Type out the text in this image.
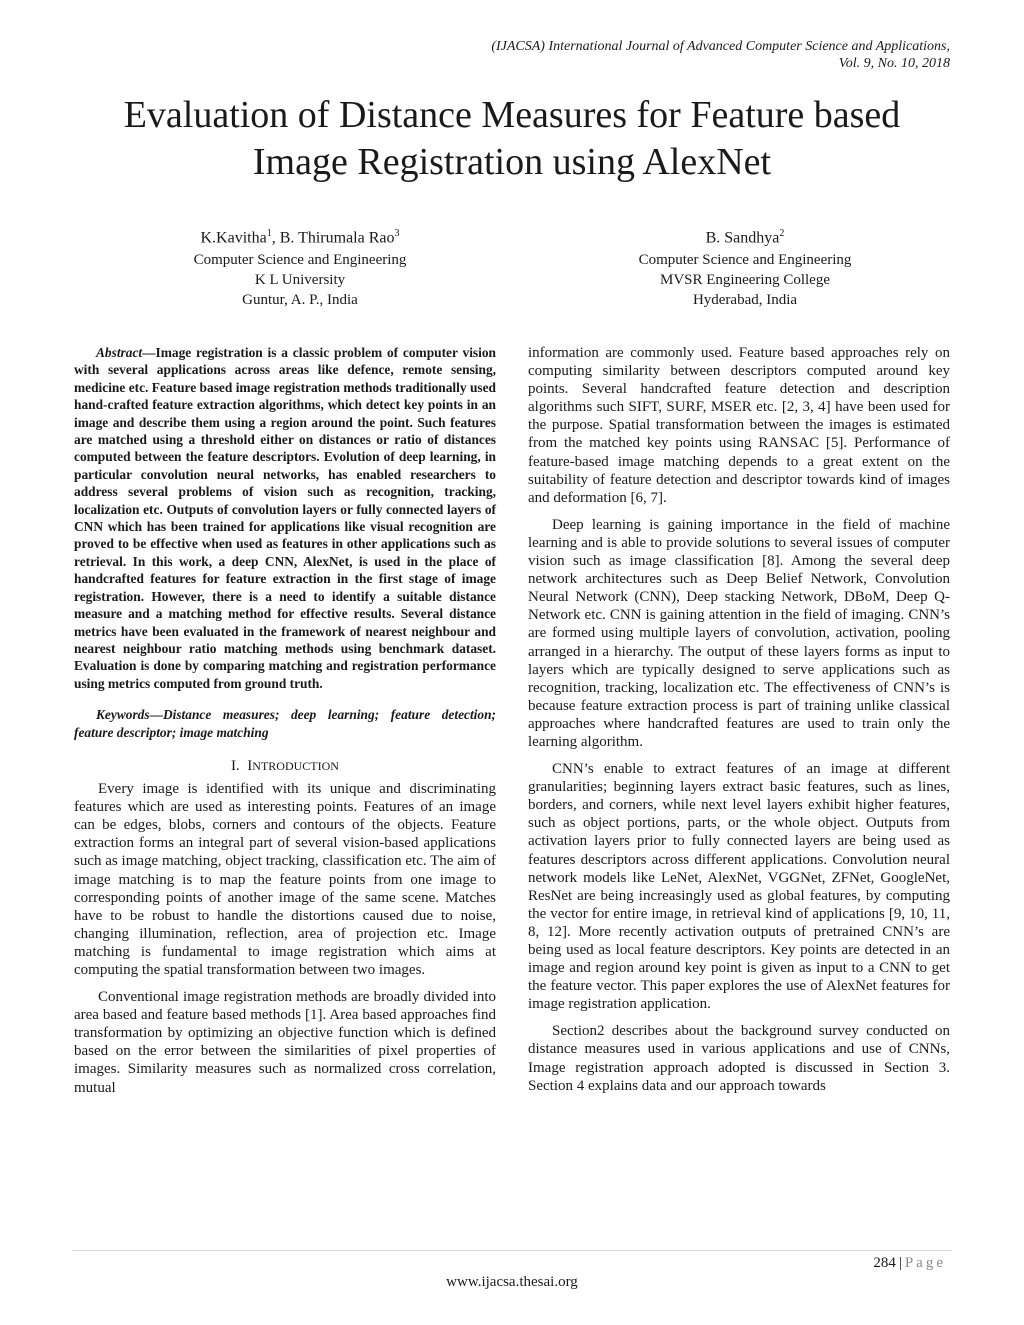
(IJACSA) International Journal of Advanced Computer Science and Applications,
Vol. 9, No. 10, 2018
Evaluation of Distance Measures for Feature based
Image Registration using AlexNet
K.Kavitha$^1$, B. Thirumala Rao$^3$
Computer Science and Engineering
K L University
Guntur, A. P., India
B. Sandhya$^2$
Computer Science and Engineering
MVSR Engineering College
Hyderabad, India

Abstract—Image registration is a classic problem of computer vision with several applications across areas like defence, remote sensing, medicine etc. Feature based image registration methods traditionally used hand-crafted feature extraction algorithms, which detect key points in an image and describe them using a region around the point. Such features are matched using a threshold either on distances or ratio of distances computed between the feature descriptors. Evolution of deep learning, in particular convolution neural networks, has enabled researchers to address several problems of vision such as recognition, tracking, localization etc. Outputs of convolution layers or fully connected layers of CNN which has been trained for applications like visual recognition are proved to be effective when used as features in other applications such as retrieval. In this work, a deep CNN, AlexNet, is used in the place of handcrafted features for feature extraction in the first stage of image registration. However, there is a need to identify a suitable distance measure and a matching method for effective results. Several distance metrics have been evaluated in the framework of nearest neighbour and nearest neighbour ratio matching methods using benchmark dataset. Evaluation is done by comparing matching and registration performance using metrics computed from ground truth.

Keywords—Distance measures; deep learning; feature detection; feature descriptor; image matching

I. INTRODUCTION

Every image is identified with its unique and discriminating features which are used as interesting points. Features of an image can be edges, blobs, corners and contours of the objects. Feature extraction forms an integral part of several vision-based applications such as image matching, object tracking, classification etc. The aim of image matching is to map the feature points from one image to corresponding points of another image of the same scene. Matches have to be robust to handle the distortions caused due to noise, changing illumination, reflection, area of projection etc. Image matching is fundamental to image registration which aims at computing the spatial transformation between two images.

Conventional image registration methods are broadly divided into area based and feature based methods [1]. Area based approaches find transformation by optimizing an objective function which is defined based on the error between the similarities of pixel properties of images. Similarity measures such as normalized cross correlation, mutual

information are commonly used. Feature based approaches rely on computing similarity between descriptors computed around key points. Several handcrafted feature detection and description algorithms such SIFT, SURF, MSER etc. [2, 3, 4] have been used for the purpose. Spatial transformation between the images is estimated from the matched key points using RANSAC [5]. Performance of feature-based image matching depends to a great extent on the suitability of feature detection and descriptor towards kind of images and deformation [6, 7].

Deep learning is gaining importance in the field of machine learning and is able to provide solutions to several issues of computer vision such as image classification [8]. Among the several deep network architectures such as Deep Belief Network, Convolution Neural Network (CNN), Deep stacking Network, DBoM, Deep Q-Network etc. CNN is gaining attention in the field of imaging. CNN’s are formed using multiple layers of convolution, activation, pooling arranged in a hierarchy. The output of these layers forms as input to layers which are typically designed to serve applications such as recognition, tracking, localization etc. The effectiveness of CNN’s is because feature extraction process is part of training unlike classical approaches where handcrafted features are used to train only the learning algorithm.

CNN’s enable to extract features of an image at different granularities; beginning layers extract basic features, such as lines, borders, and corners, while next level layers exhibit higher features, such as object portions, parts, or the whole object. Outputs from activation layers prior to fully connected layers are being used as features descriptors across different applications. Convolution neural network models like LeNet, AlexNet, VGGNet, ZFNet, GoogleNet, ResNet are being increasingly used as global features, by computing the vector for entire image, in retrieval kind of applications [9, 10, 11, 8, 12]. More recently activation outputs of pretrained CNN’s are being used as local feature descriptors. Key points are detected in an image and region around key point is given as input to a CNN to get the feature vector. This paper explores the use of AlexNet features for image registration application.

Section2 describes about the background survey conducted on distance measures used in various applications and use of CNNs, Image registration approach adopted is discussed in Section 3. Section 4 explains data and our approach towards

284 | Page
www.ijacsa.thesai.org
